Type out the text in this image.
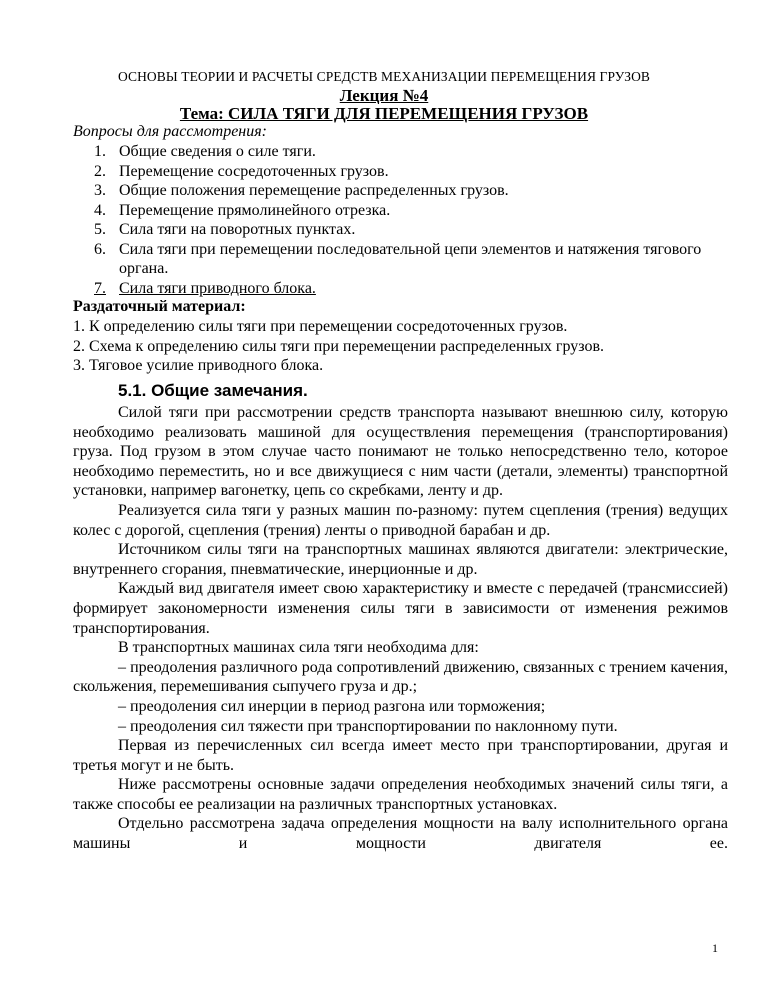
ОСНОВЫ ТЕОРИИ И РАСЧЕТЫ СРЕДСТВ МЕХАНИЗАЦИИ ПЕРЕМЕЩЕНИЯ ГРУЗОВ
Лекция №4
Тема: СИЛА ТЯГИ ДЛЯ ПЕРЕМЕЩЕНИЯ ГРУЗОВ
Вопросы для рассмотрения:
1. Общие сведения о силе тяги.
2. Перемещение сосредоточенных грузов.
3. Общие положения перемещение распределенных грузов.
4. Перемещение прямолинейного отрезка.
5. Сила тяги на поворотных пунктах.
6. Сила тяги при перемещении последовательной цепи элементов и натяжения тягового органа.
7. Сила тяги приводного блока.
Раздаточный материал:
1. К определению силы тяги при перемещении сосредоточенных грузов.
2. Схема к определению силы тяги при перемещении распределенных грузов.
3. Тяговое усилие приводного блока.
5.1. Общие замечания.

Силой тяги при рассмотрении средств транспорта называют внешнюю силу, которую необходимо реализовать машиной для осуществления перемещения (транспортирования) груза. Под грузом в этом случае часто понимают не только непосредственно тело, которое необходимо переместить, но и все движущиеся с ним части (детали, элементы) транспортной установки, например вагонетку, цепь со скребками, ленту и др.

Реализуется сила тяги у разных машин по-разному: путем сцепления (трения) ведущих колес с дорогой, сцепления (трения) ленты о приводной барабан и др.

Источником силы тяги на транспортных машинах являются двигатели: электрические, внутреннего сгорания, пневматические, инерционные и др.

Каждый вид двигателя имеет свою характеристику и вместе с передачей (трансмиссией) формирует закономерности изменения силы тяги в зависимости от изменения режимов транспортирования.

В транспортных машинах сила тяги необходима для:

– преодоления различного рода сопротивлений движению, связанных с трением качения, скольжения, перемешивания сыпучего груза и др.;

– преодоления сил инерции в период разгона или торможения;

– преодоления сил тяжести при транспортировании по наклонному пути.

Первая из перечисленных сил всегда имеет место при транспортировании, другая и третья могут и не быть.

Ниже рассмотрены основные задачи определения необходимых значений силы тяги, а также способы ее реализации на различных транспортных установках.

Отдельно рассмотрена задача определения мощности на валу исполнительного органа машины и мощности двигателя ее.

1
